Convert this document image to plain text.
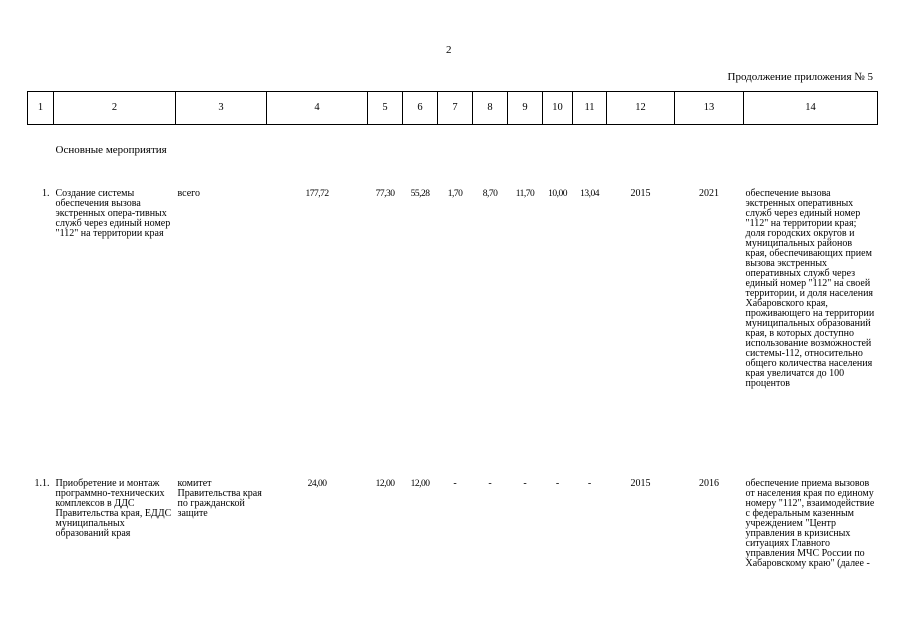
2
Продолжение приложения № 5
1	2	3	4	5	6	7	8	9	10	11	12	13	14
	Основные мероприятия												

1.	Создание системы обеспечения вызова экстренных опера-тивных служб через единый номер "112" на территории края	всего	177,72	77,30	55,28	1,70	8,70	11,70	10,00	13,04	2015	2021	обеспечение вызова экстренных оперативных служб через единый номер "112" на территории края; доля городских округов и муниципальных районов края, обеспечивающих прием вызова экстренных оперативных служб через единый номер "112" на своей территории, и доля населения Хабаровского края, проживающего на территории муниципальных образований края, в которых доступно использование возможностей системы-112, относительно общего количества населения края увеличатся до 100 процентов
1.1.	Приобретение и монтаж программно-технических комплексов в ДДС Правительства края, ЕДДС муниципальных образований края	комитет Правительства края по гражданской защите	24,00	12,00	12,00	-	-	-	-	-	2015	2016	обеспечение приема вызовов от населения края по единому номеру "112", взаимодействие с федеральным казенным учреждением "Центр управления в кризисных ситуациях Главного управления МЧС России по Хабаровскому краю" (далее -
